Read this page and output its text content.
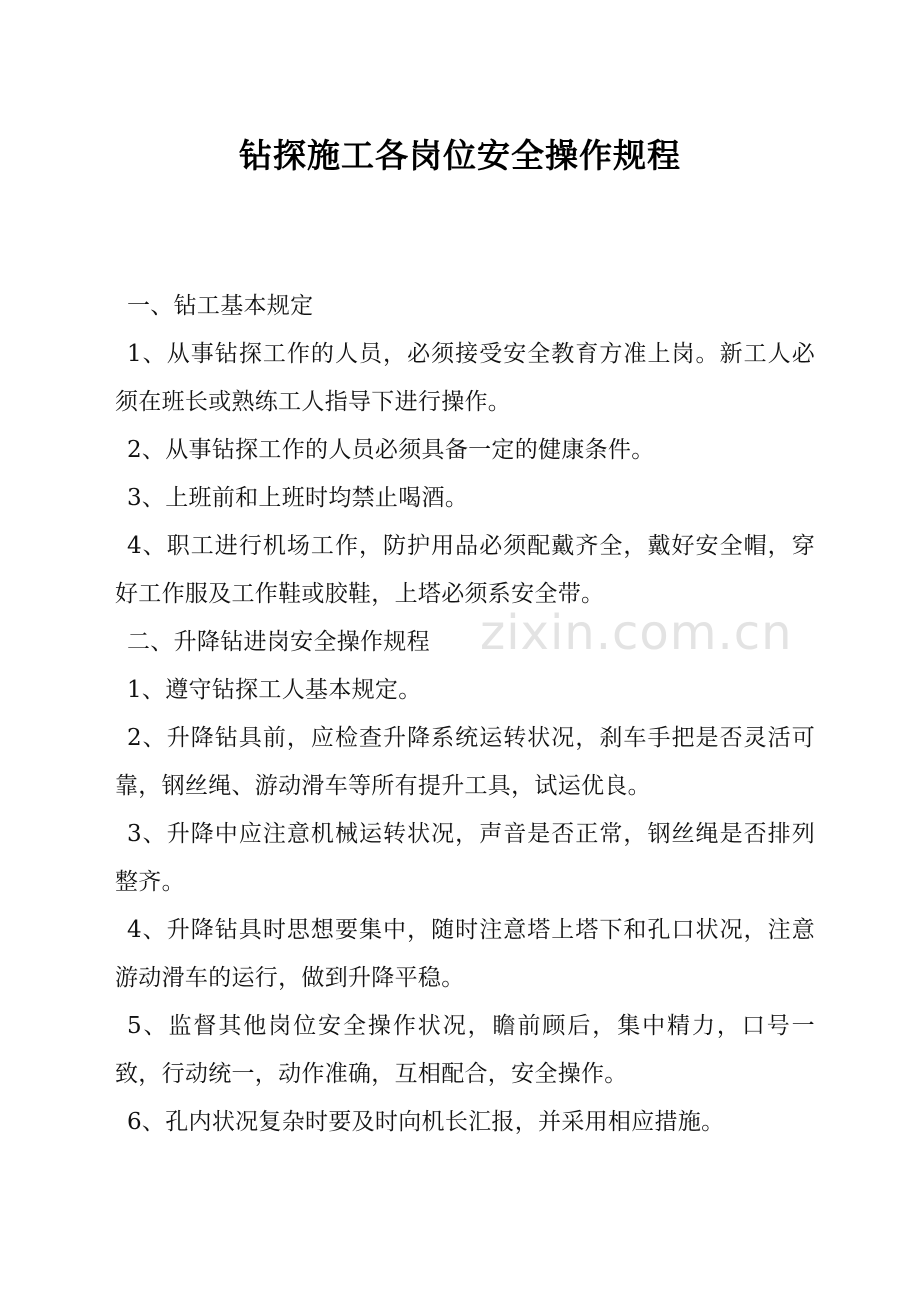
钻探施工各岗位安全操作规程
zixin.com.cn

一、钻工基本规定

1、从事钻探工作的人员，必须接受安全教育方准上岗。新工人必须在班长或熟练工人指导下进行操作。

2、从事钻探工作的人员必须具备一定的健康条件。

3、上班前和上班时均禁止喝酒。

4、职工进行机场工作，防护用品必须配戴齐全，戴好安全帽，穿好工作服及工作鞋或胶鞋，上塔必须系安全带。

二、升降钻进岗安全操作规程

1、遵守钻探工人基本规定。

2、升降钻具前，应检查升降系统运转状况，刹车手把是否灵活可靠，钢丝绳、游动滑车等所有提升工具，试运优良。

3、升降中应注意机械运转状况，声音是否正常，钢丝绳是否排列整齐。

4、升降钻具时思想要集中，随时注意塔上塔下和孔口状况，注意游动滑车的运行，做到升降平稳。

5、监督其他岗位安全操作状况，瞻前顾后，集中精力，口号一致，行动统一，动作准确，互相配合，安全操作。

6、孔内状况复杂时要及时向机长汇报，并采用相应措施。
